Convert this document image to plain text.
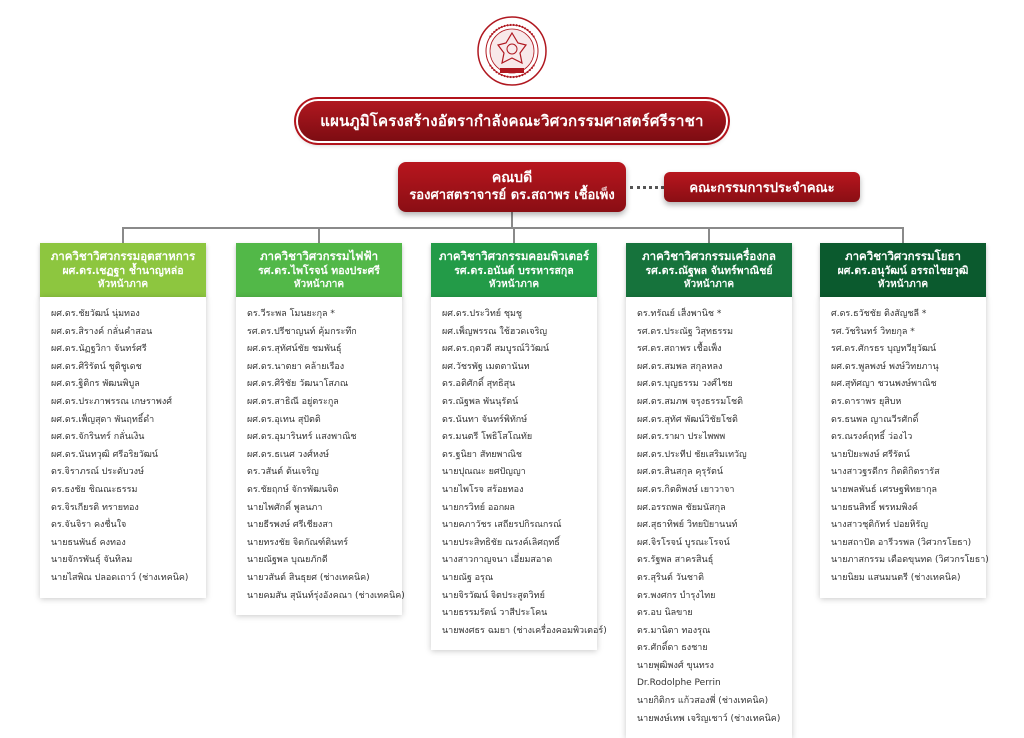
แผนภูมิโครงสร้างอัตรากำลังคณะวิศวกรรมศาสตร์ศรีราชา
คณบดี
รองศาสตราจารย์ ดร.สถาพร เชื้อเพ็ง	คณะกรรมการประจำคณะ
ภาควิชาวิศวกรรมอุตสาหการ
ผศ.ดร.เชฏฐา ช้ำนาญหล่อ
หัวหน้าภาค
ผศ.ดร.ชัยวัฒน์ นุ่มทอง
ผศ.ดร.สิรางค์ กลั่นคำสอน
ผศ.ดร.นัฏฐวิกา จันทร์ศรี
ผศ.ดร.ศิริรัตน์ ชุติชูเดช
ผศ.ดร.ฐิติกร พัฒนพิบูล
ผศ.ดร.ประภาพรรณ เกษราพงศ์
ผศ.ดร.เพ็ญสุดา พันฤทธิ์ดำ
ผศ.ดร.จักรินทร์ กลั่นเงิน
ผศ.ดร.นันทวุฒิ ศรีอริยวัฒน์
ดร.จิราภรณ์ ประดับวงษ์
ดร.ธงชัย ชิณณะธรรม
ดร.จิรเกียรติ ทรายทอง
ดร.จันจิรา คงชื่นใจ
นายธนพันธ์ คงทอง
นายจักรพันธุ์ จันทิลม
นายไสพิณ ปลอดเถาว์ (ช่างเทคนิค)
ภาควิชาวิศวกรรมไฟฟ้า
รศ.ดร.ไพโรจน์ ทองประศรี
หัวหน้าภาค
ดร.วีระพล โมนยะกุล *
รศ.ดร.ปรีชาญนท์ คุ้มกระทึก
ผศ.ดร.สุทัศน์ชัย ชมพันธุ์
ผศ.ดร.นาตยา คล้ายเรือง
ผศ.ดร.ศิริชัย วัฒนาโสภณ
ผศ.ดร.สาธิณี อยู่ตระกูล
ผศ.ดร.อุเทน สุปัตติ
ผศ.ดร.อุมารินทร์ แสงพาณิช
ผศ.ดร.ธเนศ วงศ์หงษ์
ดร.วสันต์ ต้นเจริญ
ดร.ชัยฤกษ์ จักรพัฒนจิต
นายไพศักดิ์ พูลนภา
นายธีรพงษ์ ศรีเชียงสา
นายทรงชัย จิตกัณฑ์ตินทร์
นายณัฐพล บุณยภักดี
นายวสันต์ สินธุยศ (ช่างเทคนิค)
นายคมสัน สุนันท์รุ่งอังคณา (ช่างเทคนิค)
ภาควิชาวิศวกรรมคอมพิวเตอร์
รศ.ดร.อนันต์ บรรหารสกุล
หัวหน้าภาค
ผศ.ดร.ประวิทย์ ชุมชู
ผศ.เพ็ญพรรณ ใช้ฮวดเจริญ
ผศ.ดร.ฤตวดี สมบูรณ์วิวัฒน์
ผศ.วัชรพัฐ เมตตานันท
ดร.อติศักดิ์ สุทธิสุน
ดร.ณัฐพล พันนุรัตน์
ดร.นันทา จันทร์พิทักษ์
ดร.มนตรี โพธิโสโณทัย
ดร.ฐนิยา สัทยพาณิช
นายปุณณะ ยศปัญญา
นายไพโรจ สร้อยทอง
นายกรวิทย์ ออกผล
นายคภาวัชร เสถียรปกิรณกรณ์
นายประสิทธิชัย ณรงค์เลิศฤทธิ์
นางสาวกาญจนา เอี่ยมสอาด
นายณัฐ อรุณ
นายจิรวัฒน์ จิตประสูตวิทย์
นายธรรมรัตน์ วาสีประโคน
นายพงศธร ฉมยา (ช่างเครื่องคอมพิวเตอร์)
ภาควิชาวิศวกรรมเครื่องกล
รศ.ดร.ณัฐพล จันทร์พาณิชย์
หัวหน้าภาค
ดร.ทรัณย์ เส็งพานิช *
รศ.ดร.ประณัฐ วิสุทธรรม
รศ.ดร.สถาพร เชื้อเพ็ง
ผศ.ดร.สมพล สกุลหลง
ผศ.ดร.บุญธรรม วงศ์ไชย
ผศ.ดร.สมภพ จรุงธรรมโชติ
ผศ.ดร.สุทัศ พัฒน์วิชัยโชติ
ผศ.ดร.ราผา ประไพพพ
ผศ.ดร.ประทีป ชัยเสริมเทวัญ
ผศ.ดร.สินสกุล คุรุรัตน์
ผศ.ดร.กิตติพงษ์ เยาวาจา
ผศ.อรรถพล ชัยมนัสกุล
ผศ.สุธาทิพย์ วิทยปิยานนท์
ผศ.จิรโรจน์ บูรณะโรจน์
ดร.รัฐพล สาครสินธุ์
ดร.สุรินต์ วันชาติ
ดร.พงศกร บำรุงไทย
ดร.อบ นิลขาย
ดร.มานิตา ทองรุณ
ดร.ศักดิ์ดา ธงชาย
นายพุฒิพงศ์ ขุนทรง
Dr.Rodolphe Perrin
นายกิติกร แก้วสองพี่ (ช่างเทคนิค)
นายพงษ์เทพ เจริญเชาว์ (ช่างเทคนิค)
ภาควิชาวิศวกรรมโยธา
ผศ.ดร.อนุวัฒน์ อรรถไชยวุฒิ
หัวหน้าภาค
ศ.ดร.ธวัชชัย ติงสัญชลี *
รศ.วัชรินทร์ วิทยกุล *
รศ.ดร.ศักรธร บุญทวียุวัฒน์
ผศ.ดร.พูลพงษ์ พงษ์วิทยภานุ
ผศ.สุทัศญา ชวนพงษ์พาณิช
ดร.ดาราพร ยุสิบห
ดร.ธนพล ญาณวีรศักดิ์
ดร.ณรงค์ฤทธิ์ ว่องไว
นายปิยะพงษ์ ศรีรัตน์
นางสาวฐรดีกร กิตติกิตรารัส
นายพลพันธ์ เศรษฐพิทยากุล
นายธนสิทธิ์ พรหมพิงค์
นางสาวชุติกัทร์ ปอยหิรัญ
นายสถาปัต อารีวรพล (วิศวกรโยธา)
นายภาสกรรม เดือดขุนทด (วิศวกรโยธา)
นายนิยม แสนมนตรี (ช่างเทคนิค)
